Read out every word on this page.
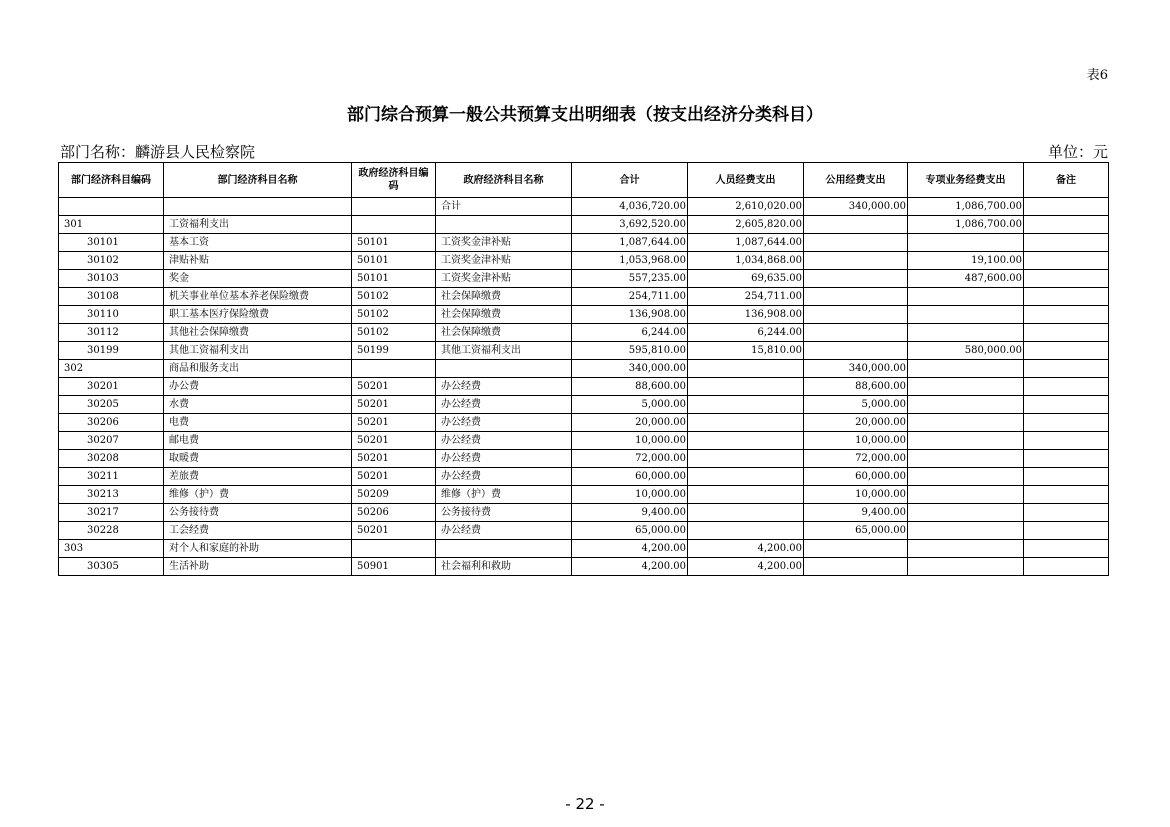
表6
部门综合预算一般公共预算支出明细表（按支出经济分类科目）
部门名称：麟游县人民检察院	单位：元
部门经济科目编码	部门经济科目名称	政府经济科目编码	政府经济科目名称	合计	人员经费支出	公用经费支出	专项业务经费支出	备注
			合计	4,036,720.00	2,610,020.00	340,000.00	1,086,700.00	
301	工资福利支出			3,692,520.00	2,605,820.00		1,086,700.00	
30101	基本工资	50101	工资奖金津补贴	1,087,644.00	1,087,644.00			
30102	津贴补贴	50101	工资奖金津补贴	1,053,968.00	1,034,868.00		19,100.00	
30103	奖金	50101	工资奖金津补贴	557,235.00	69,635.00		487,600.00	
30108	机关事业单位基本养老保险缴费	50102	社会保障缴费	254,711.00	254,711.00			
30110	职工基本医疗保险缴费	50102	社会保障缴费	136,908.00	136,908.00			
30112	其他社会保障缴费	50102	社会保障缴费	6,244.00	6,244.00			
30199	其他工资福利支出	50199	其他工资福利支出	595,810.00	15,810.00		580,000.00	
302	商品和服务支出			340,000.00		340,000.00		
30201	办公费	50201	办公经费	88,600.00		88,600.00		
30205	水费	50201	办公经费	5,000.00		5,000.00		
30206	电费	50201	办公经费	20,000.00		20,000.00		
30207	邮电费	50201	办公经费	10,000.00		10,000.00		
30208	取暖费	50201	办公经费	72,000.00		72,000.00		
30211	差旅费	50201	办公经费	60,000.00		60,000.00		
30213	维修（护）费	50209	维修（护）费	10,000.00		10,000.00		
30217	公务接待费	50206	公务接待费	9,400.00		9,400.00		
30228	工会经费	50201	办公经费	65,000.00		65,000.00		
303	对个人和家庭的补助			4,200.00	4,200.00			
30305	生活补助	50901	社会福利和救助	4,200.00	4,200.00			
- 22 -
